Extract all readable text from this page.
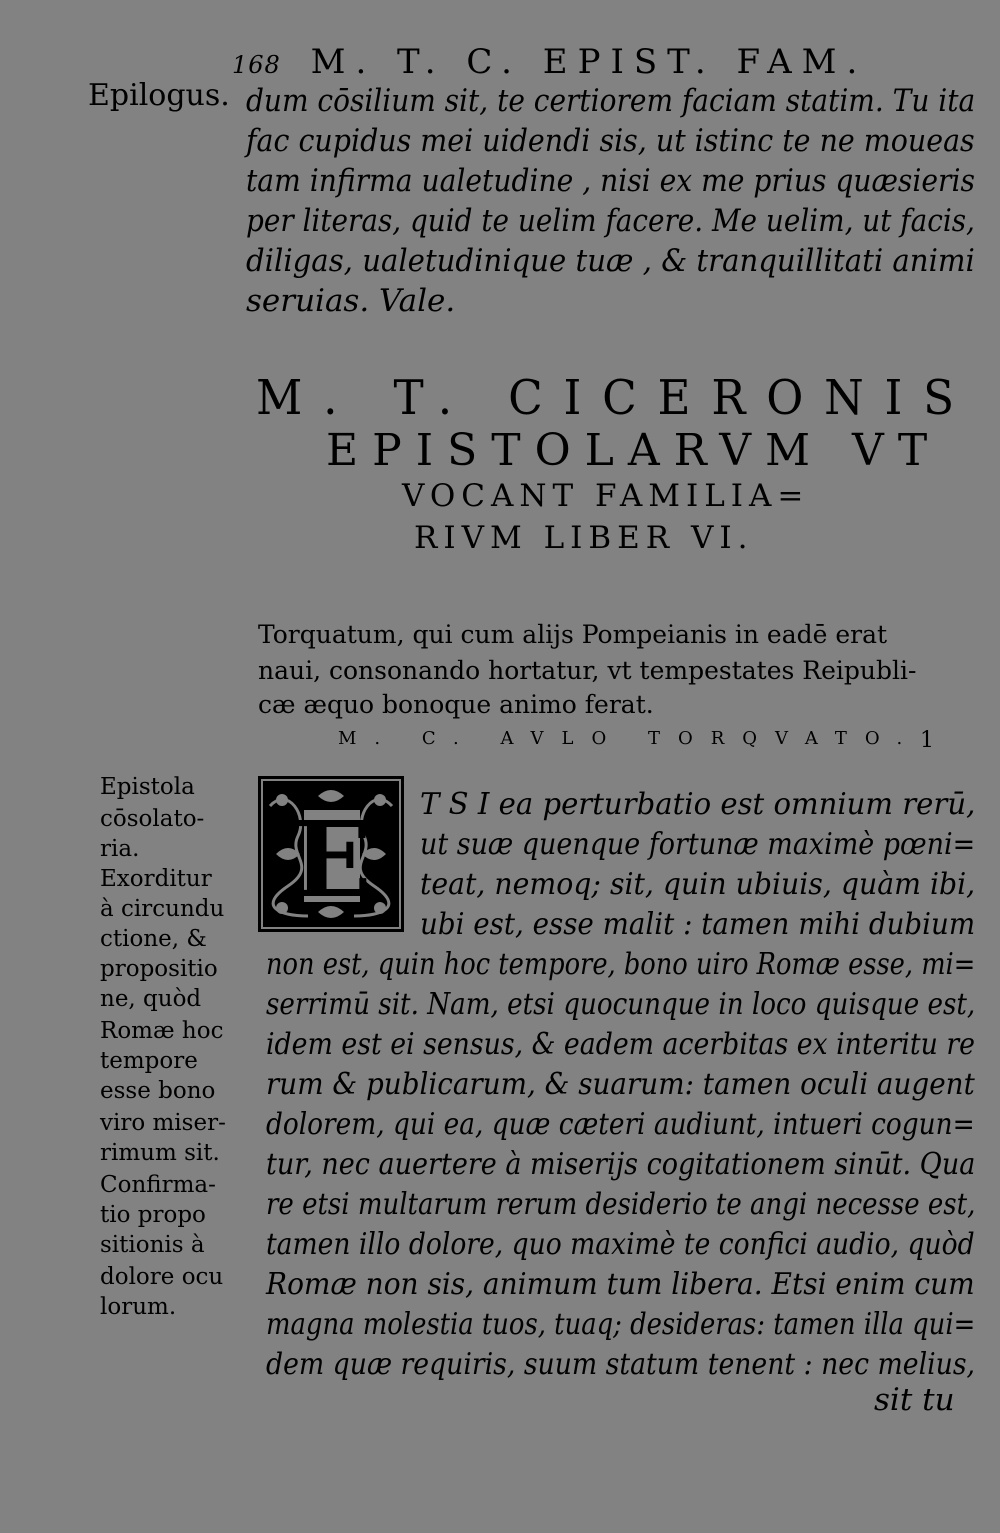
168 M. T. C. EPIST. FAM.
Epilogus. dum cōsilium sit, te certiorem faciam statim. Tu ita
fac cupidus mei uidendi sis, ut istinc te ne moueas
tam infirma ualetudine , nisi ex me prius quæsieris
per literas, quid te uelim facere. Me uelim, ut facis,
diligas, ualetudinique tuæ , & tranquillitati animi
seruias. Vale.
M. T. CICERONIS
EPISTOLARVM VT
VOCANT FAMILIA=
RIVM LIBER VI.
Torquatum, qui cum alijs Pompeianis in eadē erat
naui, consonando hortatur, vt tempestates Reipubli-
cæ æquo bonoque animo ferat.
M. C. AVLO TORQVATO. 1
Epistola
cōsolato-
ria.
Exorditur
à circundu
ctione, &
propositio
ne, quòd
Romæ hoc
tempore
esse bono
viro miser-
rimum sit.
Confirma-
tio propo
sitionis à
dolore ocu
lorum.
E T S I ea perturbatio est omnium rerū,
ut suæ quenque fortunæ maximè pœni=
teat, nemoq; sit, quin ubiuis, quàm ibi,
ubi est, esse malit : tamen mihi dubium
non est, quin hoc tempore, bono uiro Romæ esse, mi=
serrimū sit. Nam, etsi quocunque in loco quisque est,
idem est ei sensus, & eadem acerbitas ex interitu re
rum & publicarum, & suarum: tamen oculi augent
dolorem, qui ea, quæ cæteri audiunt, intueri cogun=
tur, nec auertere à miserijs cogitationem sinūt. Qua
re etsi multarum rerum desiderio te angi necesse est,
tamen illo dolore, quo maximè te confici audio, quòd
Romæ non sis, animum tum libera. Etsi enim cum
magna molestia tuos, tuaq; desideras: tamen illa qui=
dem quæ requiris, suum statum tenent : nec melius,
sit tu
